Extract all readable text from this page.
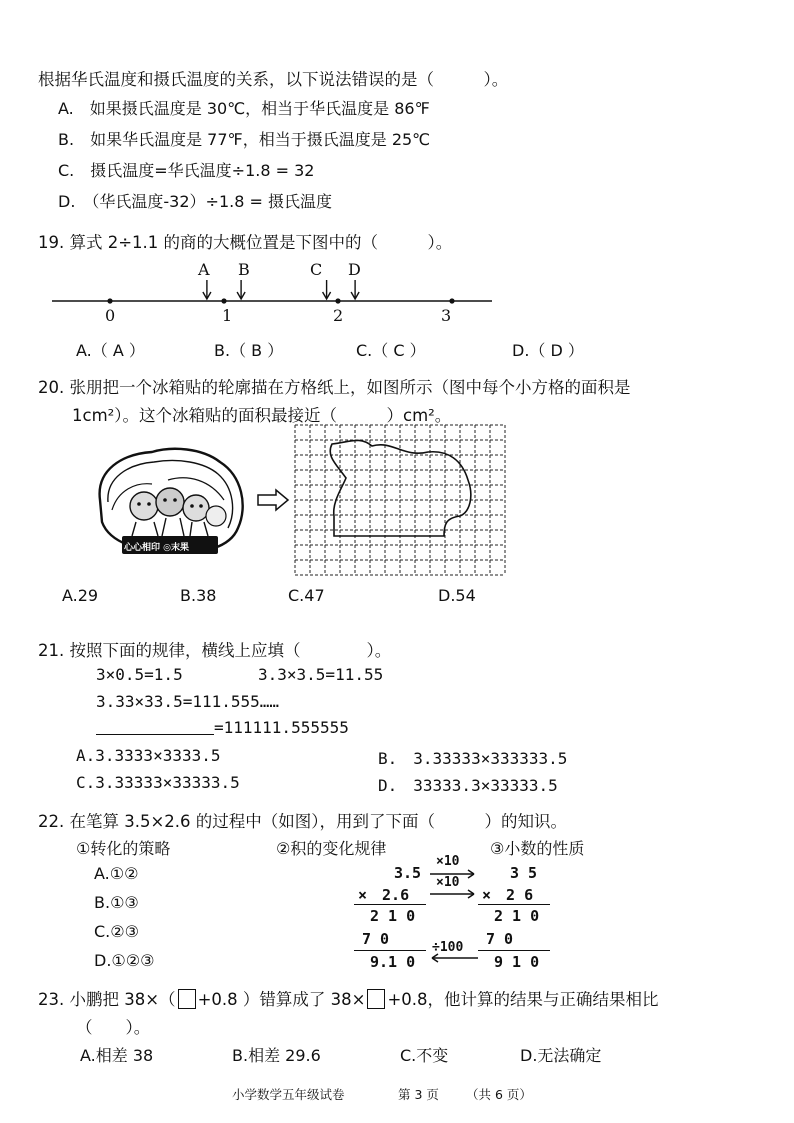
根据华氏温度和摄氏温度的关系，以下说法错误的是（　　　）。
A.　如果摄氏温度是 30℃，相当于华氏温度是 86℉
B.　如果华氏温度是 77℉，相当于摄氏温度是 25℃
C.　摄氏温度=华氏温度÷1.8 = 32
D.　（华氏温度-32）÷1.8 = 摄氏温度
19. 算式 2÷1.1 的商的大概位置是下图中的（　　　）。
0	1	2	3
A B	C D
A.（ A ）	B.（ B ）	C.（ C ）	D.（ D ）
20. 张朋把一个冰箱贴的轮廓描在方格纸上，如图所示（图中每个小方格的面积是
1cm²）。这个冰箱贴的面积最接近（　　　）cm²。
心心相印 ◎末果
A.29	B.38	C.47	D.54
21. 按照下面的规律，横线上应填（　　　　）。
3×0.5=1.5	3.3×3.5=11.55
3.33×33.5=111.555……
=111111.555555
A.3.3333×3333.5	B.　3.33333×333333.5
C.3.33333×33333.5	D.　33333.3×33333.5
22. 在笔算 3.5×2.6 的过程中（如图），用到了下面（　　　）的知识。
①转化的策略	②积的变化规律	③小数的性质
A.①②
B.①③
C.②③
D.①②③
3.5
×　2.6
2 1 0
7 0
9.1 0
×10
×10
÷100
3 5
×　2 6
2 1 0
7 0
9 1 0
23. 小鹏把 38×（ +0.8 ）错算成了 38× +0.8，他计算的结果与正确结果相比
（　　）。
A.相差 38	B.相差 29.6	C.不变	D.无法确定
小学数学五年级试卷	第 3 页 （共 6 页）
